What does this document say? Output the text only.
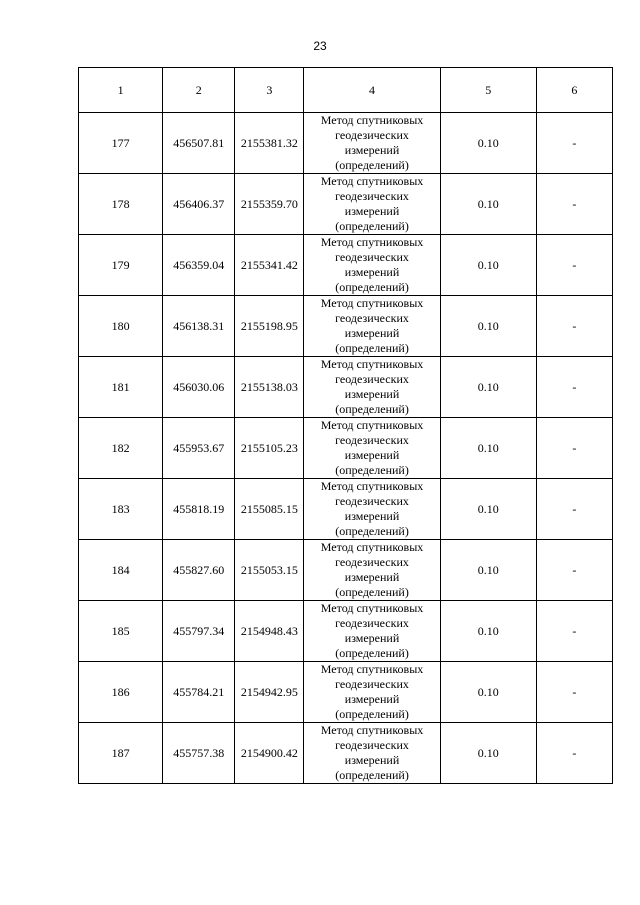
23
1	2	3	4	5	6
177	456507.81	2155381.32	Метод спутниковых
геодезических
измерений
(определений)	0.10	-
178	456406.37	2155359.70	Метод спутниковых
геодезических
измерений
(определений)	0.10	-
179	456359.04	2155341.42	Метод спутниковых
геодезических
измерений
(определений)	0.10	-
180	456138.31	2155198.95	Метод спутниковых
геодезических
измерений
(определений)	0.10	-
181	456030.06	2155138.03	Метод спутниковых
геодезических
измерений
(определений)	0.10	-
182	455953.67	2155105.23	Метод спутниковых
геодезических
измерений
(определений)	0.10	-
183	455818.19	2155085.15	Метод спутниковых
геодезических
измерений
(определений)	0.10	-
184	455827.60	2155053.15	Метод спутниковых
геодезических
измерений
(определений)	0.10	-
185	455797.34	2154948.43	Метод спутниковых
геодезических
измерений
(определений)	0.10	-
186	455784.21	2154942.95	Метод спутниковых
геодезических
измерений
(определений)	0.10	-
187	455757.38	2154900.42	Метод спутниковых
геодезических
измерений
(определений)	0.10	-
